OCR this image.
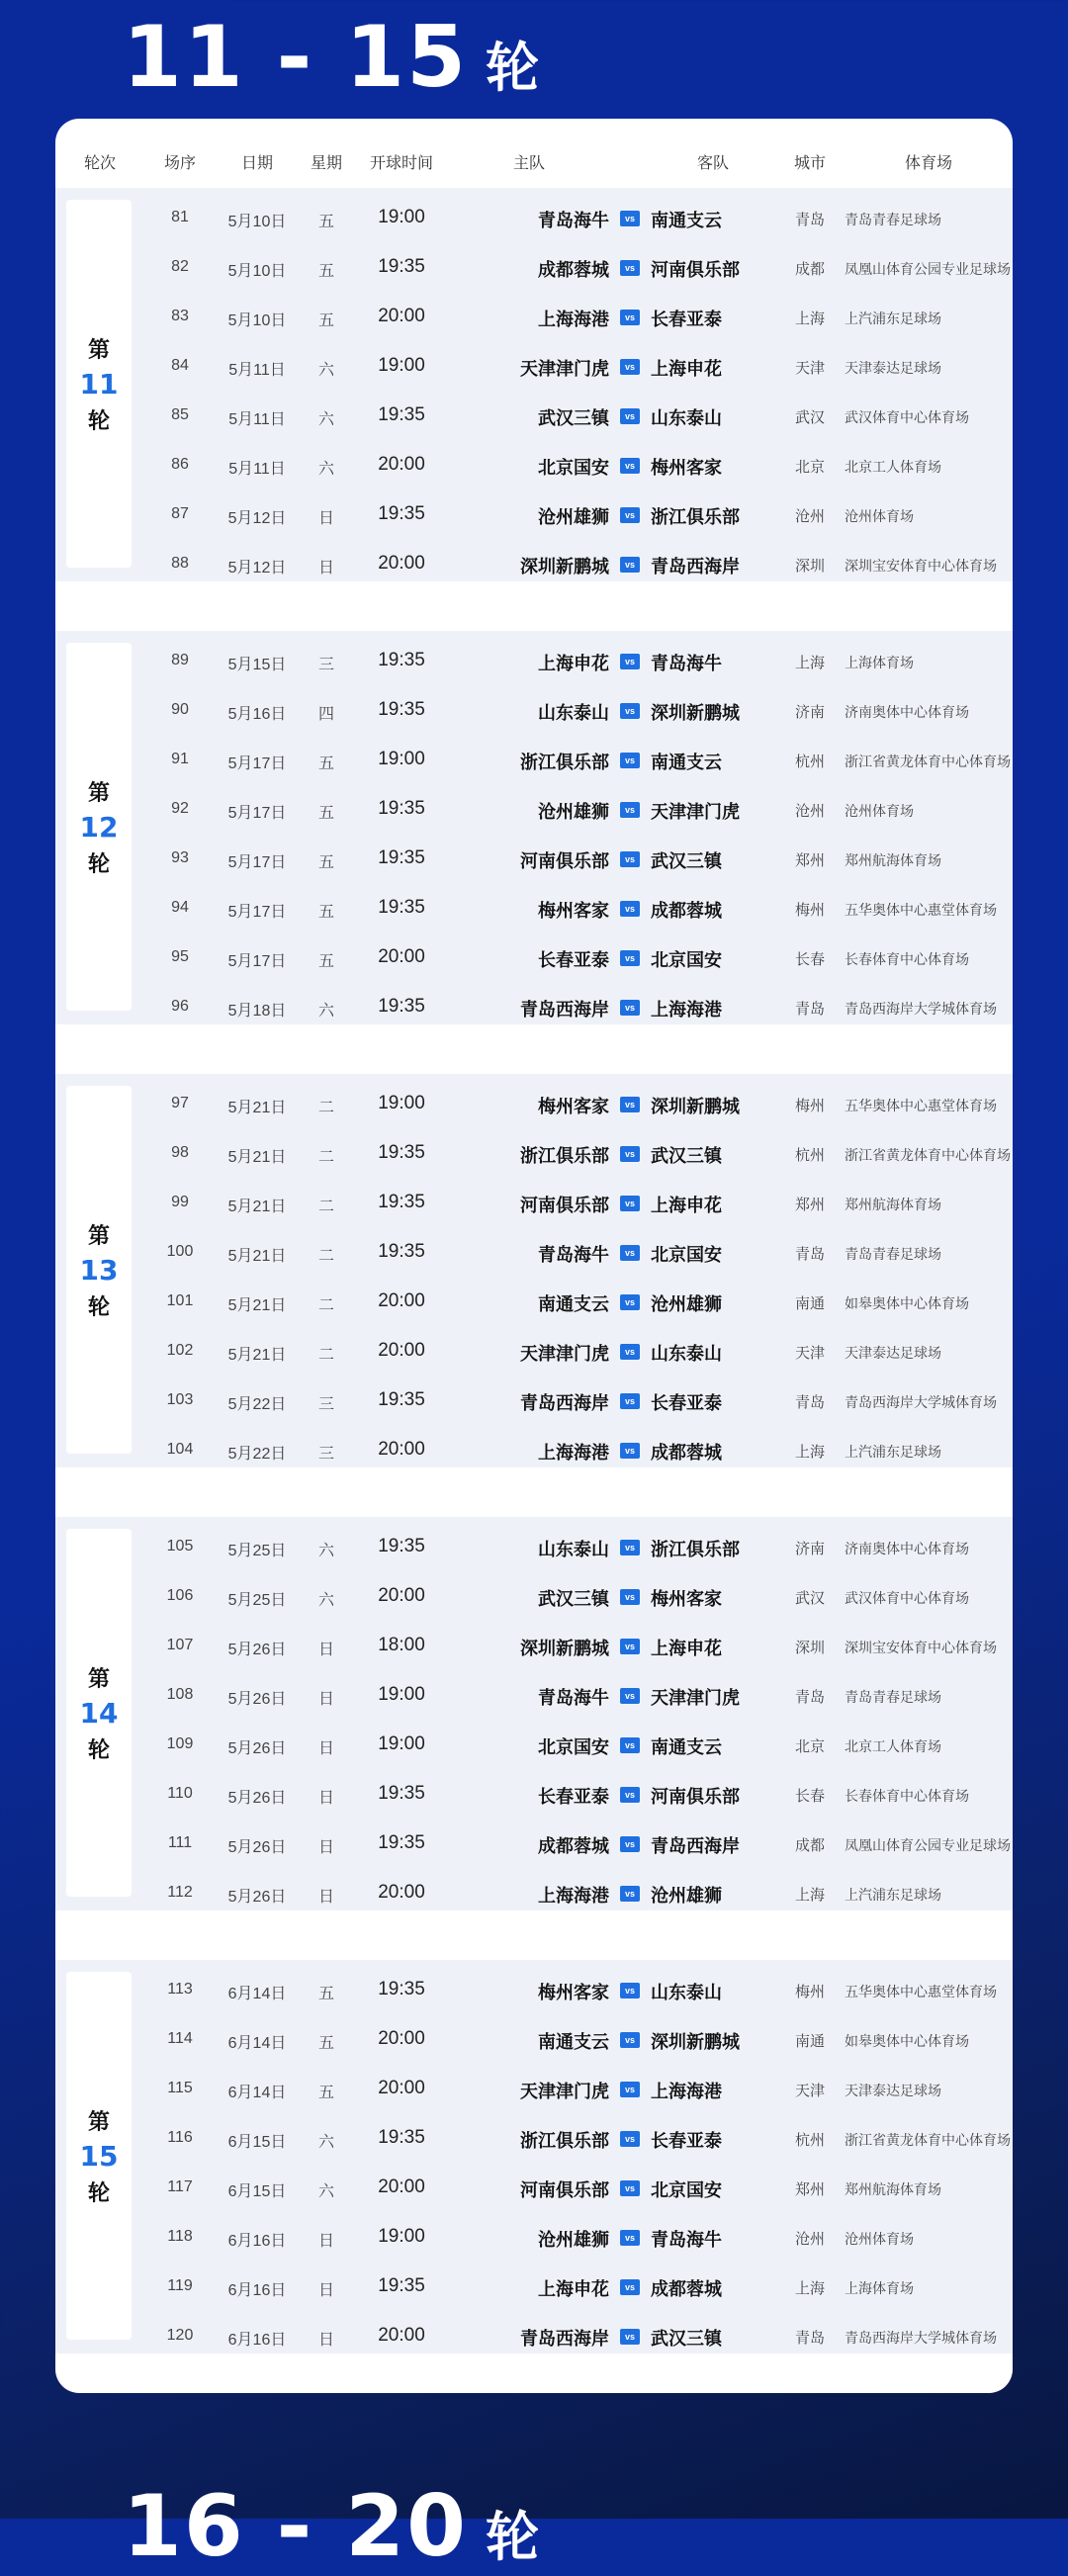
11 - 15 轮
轮次	场序	日期	星期	开球时间	主队	客队	城市	体育场
第
11
轮
81	5月10日	五	19:00	青岛海牛 南通支云	青岛	青岛青春足球场
vs
82	5月10日	五	19:35	成都蓉城 河南俱乐部	成都	凤凰山体育公园专业足球场
vs
83	5月10日	五	20:00	上海海港 长春亚泰	上海	上汽浦东足球场
vs
84	5月11日	六	19:00	天津津门虎 上海申花	天津	天津泰达足球场
vs
85	5月11日	六	19:35	武汉三镇 山东泰山	武汉	武汉体育中心体育场
vs
86	5月11日	六	20:00	北京国安 梅州客家	北京	北京工人体育场
vs
87	5月12日	日	19:35	沧州雄狮 浙江俱乐部	沧州	沧州体育场
vs
88	5月12日	日	20:00	深圳新鹏城 青岛西海岸	深圳	深圳宝安体育中心体育场
vs
第
12
轮
89	5月15日	三	19:35	上海申花 青岛海牛	上海	上海体育场
vs
90	5月16日	四	19:35	山东泰山 深圳新鹏城	济南	济南奥体中心体育场
vs
91	5月17日	五	19:00	浙江俱乐部 南通支云	杭州	浙江省黄龙体育中心体育场
vs
92	5月17日	五	19:35	沧州雄狮 天津津门虎	沧州	沧州体育场
vs
93	5月17日	五	19:35	河南俱乐部 武汉三镇	郑州	郑州航海体育场
vs
94	5月17日	五	19:35	梅州客家 成都蓉城	梅州	五华奥体中心惠堂体育场
vs
95	5月17日	五	20:00	长春亚泰 北京国安	长春	长春体育中心体育场
vs
96	5月18日	六	19:35	青岛西海岸 上海海港	青岛	青岛西海岸大学城体育场
vs
第
13
轮
97	5月21日	二	19:00	梅州客家 深圳新鹏城	梅州	五华奥体中心惠堂体育场
vs
98	5月21日	二	19:35	浙江俱乐部 武汉三镇	杭州	浙江省黄龙体育中心体育场
vs
99	5月21日	二	19:35	河南俱乐部 上海申花	郑州	郑州航海体育场
vs
100	5月21日	二	19:35	青岛海牛 北京国安	青岛	青岛青春足球场
vs
101	5月21日	二	20:00	南通支云 沧州雄狮	南通	如皋奥体中心体育场
vs
102	5月21日	二	20:00	天津津门虎 山东泰山	天津	天津泰达足球场
vs
103	5月22日	三	19:35	青岛西海岸 长春亚泰	青岛	青岛西海岸大学城体育场
vs
104	5月22日	三	20:00	上海海港 成都蓉城	上海	上汽浦东足球场
vs
第
14
轮
105	5月25日	六	19:35	山东泰山 浙江俱乐部	济南	济南奥体中心体育场
vs
106	5月25日	六	20:00	武汉三镇 梅州客家	武汉	武汉体育中心体育场
vs
107	5月26日	日	18:00	深圳新鹏城 上海申花	深圳	深圳宝安体育中心体育场
vs
108	5月26日	日	19:00	青岛海牛 天津津门虎	青岛	青岛青春足球场
vs
109	5月26日	日	19:00	北京国安 南通支云	北京	北京工人体育场
vs
110	5月26日	日	19:35	长春亚泰 河南俱乐部	长春	长春体育中心体育场
vs
111	5月26日	日	19:35	成都蓉城 青岛西海岸	成都	凤凰山体育公园专业足球场
vs
112	5月26日	日	20:00	上海海港 沧州雄狮	上海	上汽浦东足球场
vs
第
15
轮
113	6月14日	五	19:35	梅州客家 山东泰山	梅州	五华奥体中心惠堂体育场
vs
114	6月14日	五	20:00	南通支云 深圳新鹏城	南通	如皋奥体中心体育场
vs
115	6月14日	五	20:00	天津津门虎 上海海港	天津	天津泰达足球场
vs
116	6月15日	六	19:35	浙江俱乐部 长春亚泰	杭州	浙江省黄龙体育中心体育场
vs
117	6月15日	六	20:00	河南俱乐部 北京国安	郑州	郑州航海体育场
vs
118	6月16日	日	19:00	沧州雄狮 青岛海牛	沧州	沧州体育场
vs
119	6月16日	日	19:35	上海申花 成都蓉城	上海	上海体育场
vs
120	6月16日	日	20:00	青岛西海岸 武汉三镇	青岛	青岛西海岸大学城体育场
vs
16 - 20 轮
